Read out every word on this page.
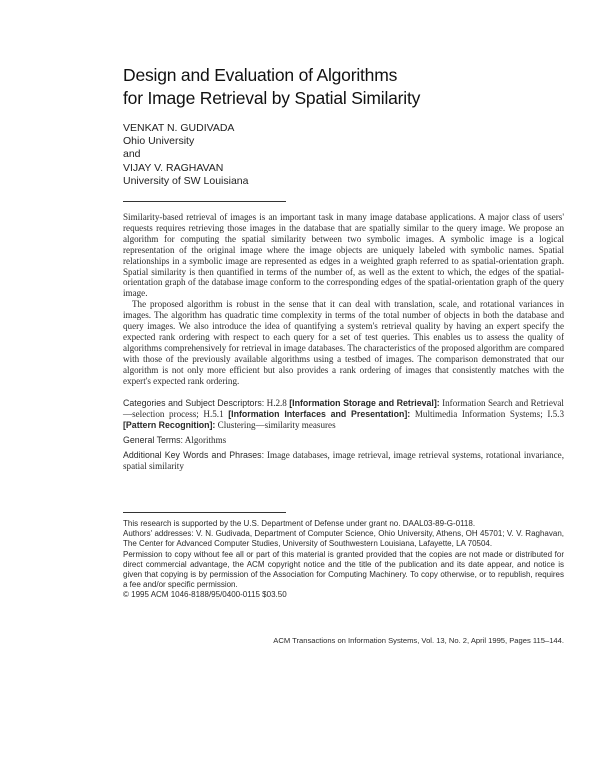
Design and Evaluation of Algorithms
for Image Retrieval by Spatial Similarity
VENKAT N. GUDIVADA
Ohio University
and
VIJAY V. RAGHAVAN
University of SW Louisiana

Similarity-based retrieval of images is an important task in many image database applications. A major class of users' requests requires retrieving those images in the database that are spatially similar to the query image. We propose an algorithm for computing the spatial similarity between two symbolic images. A symbolic image is a logical representation of the original image where the image objects are uniquely labeled with symbolic names. Spatial relationships in a symbolic image are represented as edges in a weighted graph referred to as spatial-orientation graph. Spatial similarity is then quantified in terms of the number of, as well as the extent to which, the edges of the spatial-orientation graph of the database image conform to the corresponding edges of the spatial-orientation graph of the query image.

The proposed algorithm is robust in the sense that it can deal with translation, scale, and rotational variances in images. The algorithm has quadratic time complexity in terms of the total number of objects in both the database and query images. We also introduce the idea of quantifying a system's retrieval quality by having an expert specify the expected rank ordering with respect to each query for a set of test queries. This enables us to assess the quality of algorithms comprehensively for retrieval in image databases. The characteristics of the proposed algorithm are compared with those of the previously available algorithms using a testbed of images. The comparison demonstrated that our algorithm is not only more efficient but also provides a rank ordering of images that consistently matches with the expert's expected rank ordering.

Categories and Subject Descriptors: H.2.8 [Information Storage and Retrieval]: Information Search and Retrieval—selection process; H.5.1 [Information Interfaces and Presentation]: Multimedia Information Systems; I.5.3 [Pattern Recognition]: Clustering—similarity measures

General Terms: Algorithms

Additional Key Words and Phrases: Image databases, image retrieval, image retrieval systems, rotational invariance, spatial similarity

This research is supported by the U.S. Department of Defense under grant no. DAAL03-89-G-0118.

Authors' addresses: V. N. Gudivada, Department of Computer Science, Ohio University, Athens, OH 45701; V. V. Raghavan, The Center for Advanced Computer Studies, University of Southwestern Louisiana, Lafayette, LA 70504.

Permission to copy without fee all or part of this material is granted provided that the copies are not made or distributed for direct commercial advantage, the ACM copyright notice and the title of the publication and its date appear, and notice is given that copying is by permission of the Association for Computing Machinery. To copy otherwise, or to republish, requires a fee and/or specific permission.

© 1995 ACM 1046-8188/95/0400-0115 $03.50

ACM Transactions on Information Systems, Vol. 13, No. 2, April 1995, Pages 115–144.
